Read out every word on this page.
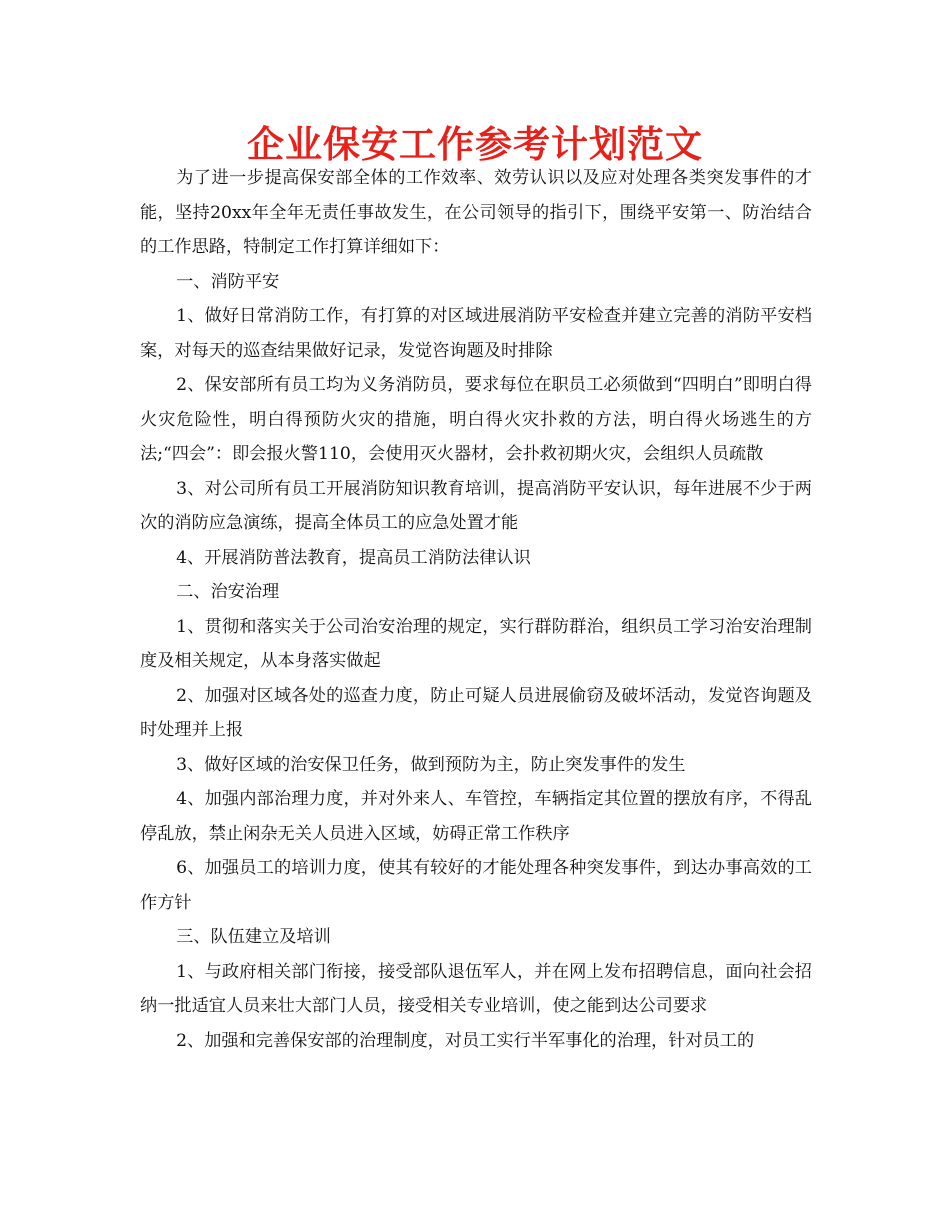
企业保安工作参考计划范文

为了进一步提高保安部全体的工作效率、效劳认识以及应对处理各类突发事件的才能，坚持20xx年全年无责任事故发生，在公司领导的指引下，围绕平安第一、防治结合的工作思路，特制定工作打算详细如下：

一、消防平安

1、做好日常消防工作，有打算的对区域进展消防平安检查并建立完善的消防平安档案，对每天的巡查结果做好记录，发觉咨询题及时排除

2、保安部所有员工均为义务消防员，要求每位在职员工必须做到“四明白”即明白得火灾危险性，明白得预防火灾的措施，明白得火灾扑救的方法，明白得火场逃生的方法;“四会”：即会报火警110，会使用灭火器材，会扑救初期火灾，会组织人员疏散

3、对公司所有员工开展消防知识教育培训，提高消防平安认识，每年进展不少于两次的消防应急演练，提高全体员工的应急处置才能

4、开展消防普法教育，提高员工消防法律认识

二、治安治理

1、贯彻和落实关于公司治安治理的规定，实行群防群治，组织员工学习治安治理制度及相关规定，从本身落实做起

2、加强对区域各处的巡查力度，防止可疑人员进展偷窃及破坏活动，发觉咨询题及时处理并上报

3、做好区域的治安保卫任务，做到预防为主，防止突发事件的发生

4、加强内部治理力度，并对外来人、车管控，车辆指定其位置的摆放有序，不得乱停乱放，禁止闲杂无关人员进入区域，妨碍正常工作秩序

6、加强员工的培训力度，使其有较好的才能处理各种突发事件，到达办事高效的工作方针

三、队伍建立及培训

1、与政府相关部门衔接，接受部队退伍军人，并在网上发布招聘信息，面向社会招纳一批适宜人员来壮大部门人员，接受相关专业培训，使之能到达公司要求

2、加强和完善保安部的治理制度，对员工实行半军事化的治理，针对员工的
